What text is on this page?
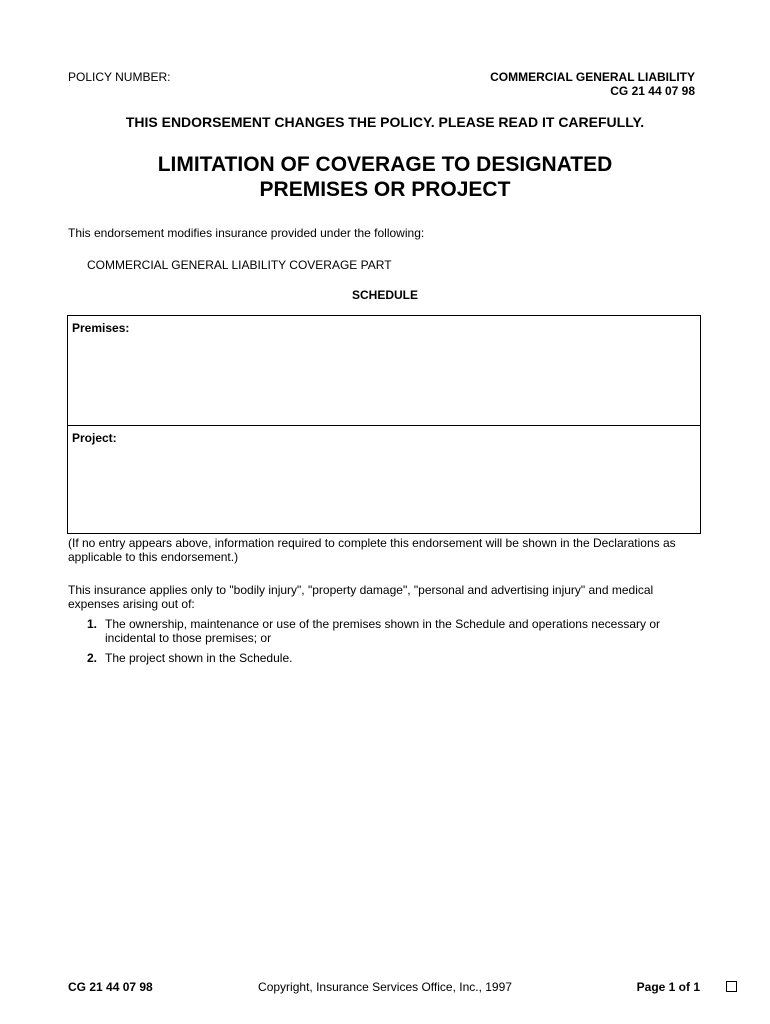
POLICY NUMBER:	COMMERCIAL GENERAL LIABILITY
CG 21 44 07 98
THIS ENDORSEMENT CHANGES THE POLICY. PLEASE READ IT CAREFULLY.
LIMITATION OF COVERAGE TO DESIGNATED
PREMISES OR PROJECT
This endorsement modifies insurance provided under the following:
COMMERCIAL GENERAL LIABILITY COVERAGE PART
SCHEDULE
Premises:
Project:
(If no entry appears above, information required to complete this endorsement will be shown in the Declarations as applicable to this endorsement.)
This insurance applies only to "bodily injury", "property damage", "personal and advertising injury" and medical expenses arising out of:
1. The ownership, maintenance or use of the premises shown in the Schedule and operations necessary or incidental to those premises; or
2. The project shown in the Schedule.
CG 21 44 07 98	Copyright, Insurance Services Office, Inc., 1997	Page 1 of 1
